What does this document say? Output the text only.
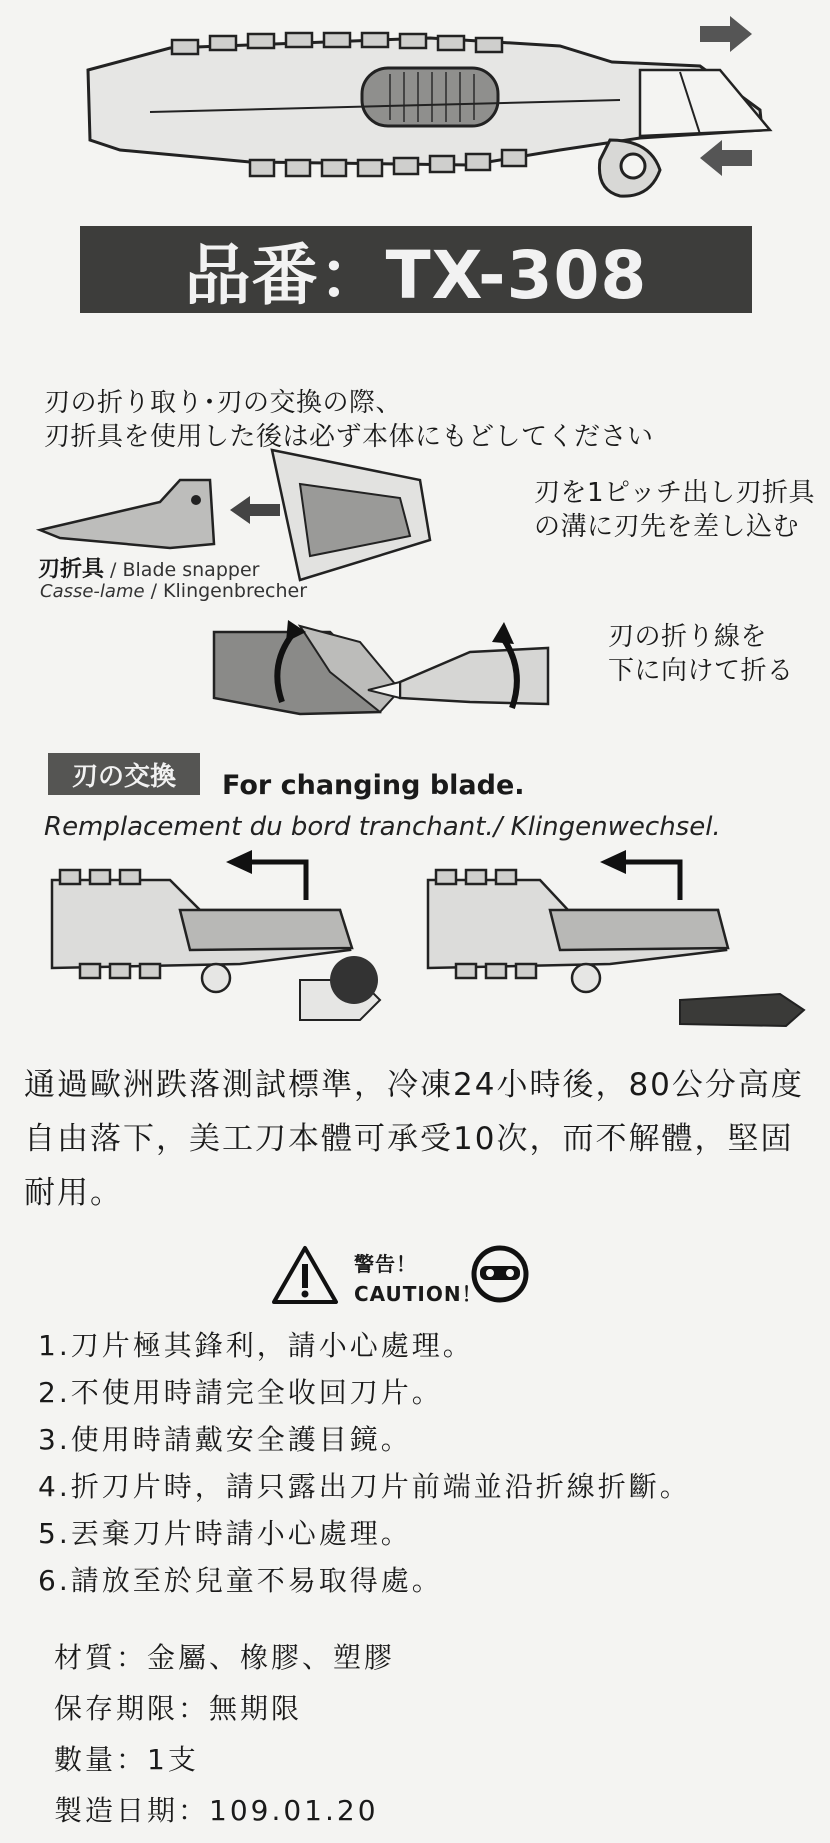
品番：TX-308
刃の折り取り･刃の交換の際、
刃折具を使用した後は必ず本体にもどしてください
刃折具 / Blade snapper
Casse-lame / Klingenbrecher
刃を1ピッチ出し刃折具
の溝に刃先を差し込む
刃の折り線を
下に向けて折る
刃の交換	For changing blade.
Remplacement du bord tranchant./ Klingenwechsel.
通過歐洲跌落測試標準，冷凍24小時後，80公分高度自由落下，美工刀本體可承受10次，而不解體，堅固耐用。
警告！
CAUTION！
1.刀片極其鋒利，請小心處理。
2.不使用時請完全收回刀片。
3.使用時請戴安全護目鏡。
4.折刀片時，請只露出刀片前端並沿折線折斷。
5.丟棄刀片時請小心處理。
6.請放至於兒童不易取得處。
材質：金屬、橡膠、塑膠
保存期限：無期限
數量：1支
製造日期：109.01.20
